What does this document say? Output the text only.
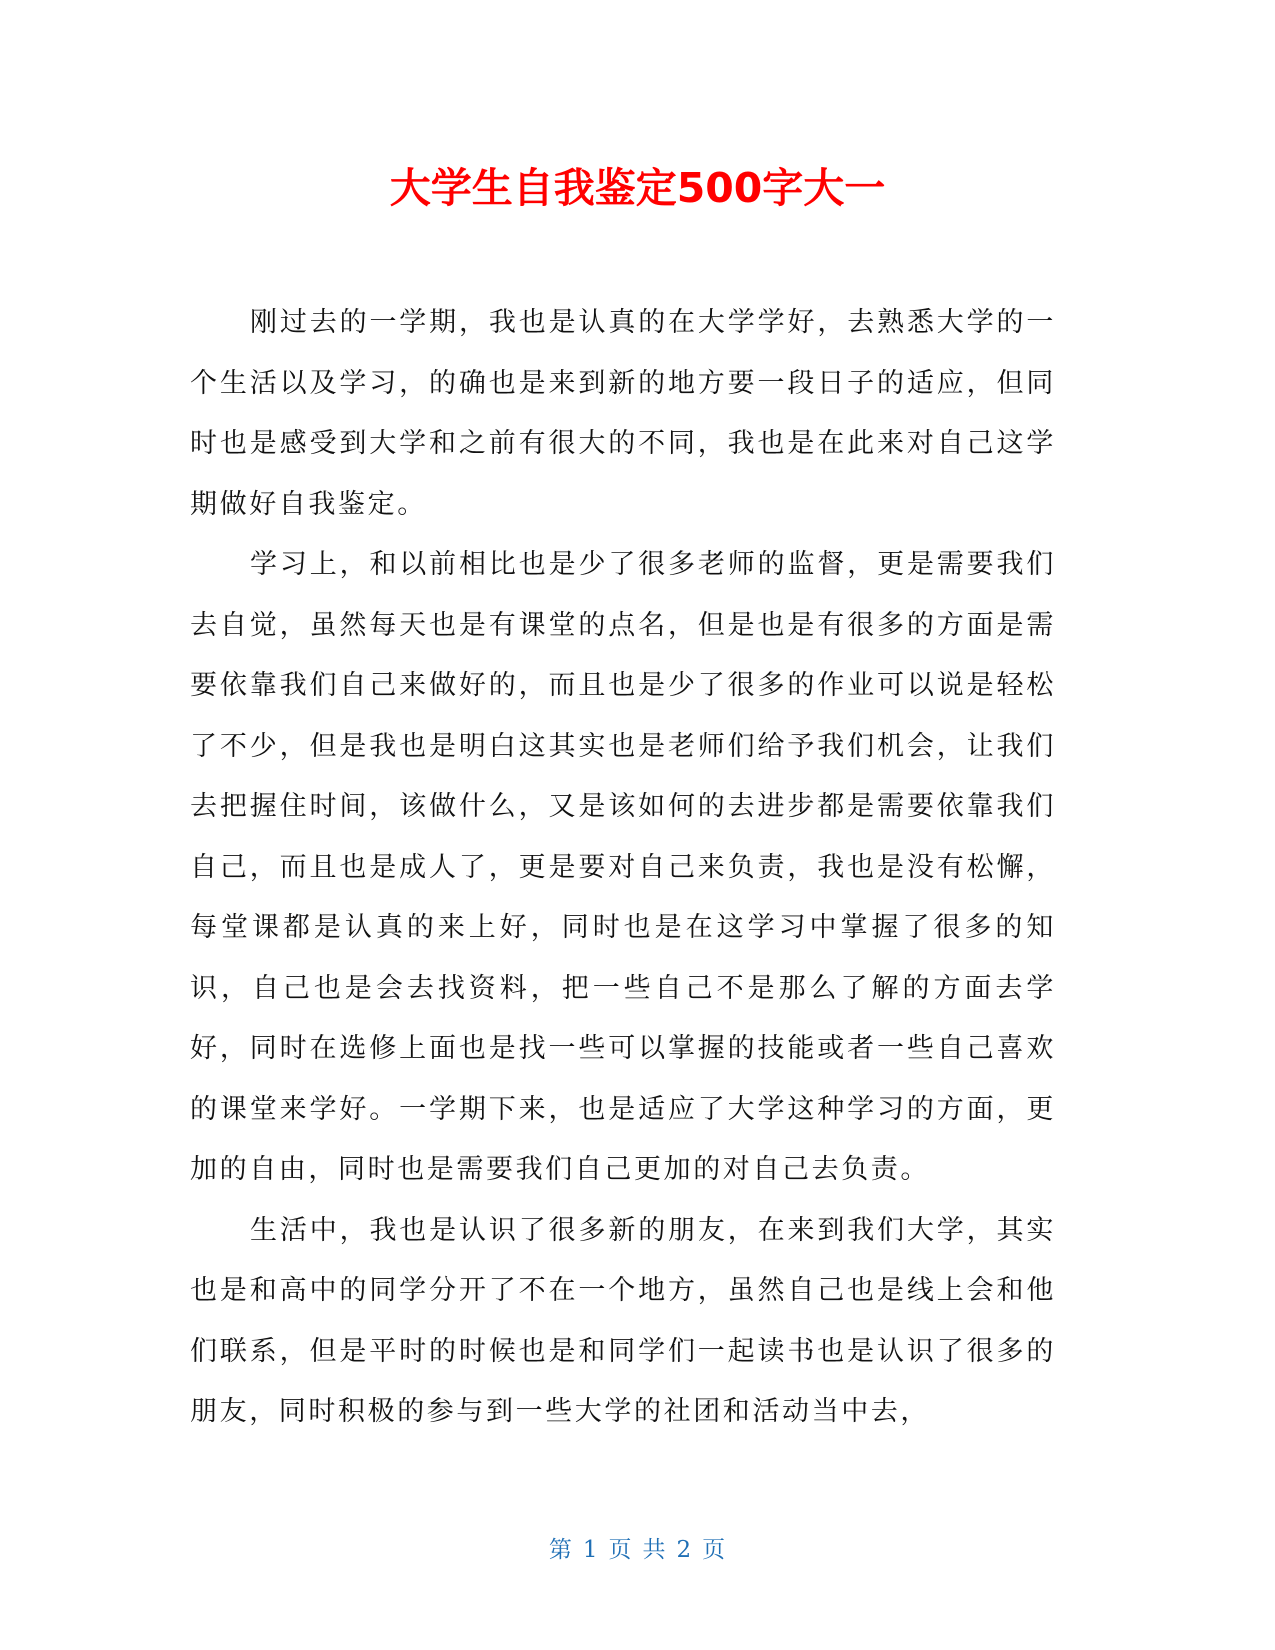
大学生自我鉴定500字大一

刚过去的一学期，我也是认真的在大学学好，去熟悉大学的一个生活以及学习，的确也是来到新的地方要一段日子的适应，但同时也是感受到大学和之前有很大的不同，我也是在此来对自己这学期做好自我鉴定。

学习上，和以前相比也是少了很多老师的监督，更是需要我们去自觉，虽然每天也是有课堂的点名，但是也是有很多的方面是需要依靠我们自己来做好的，而且也是少了很多的作业可以说是轻松了不少，但是我也是明白这其实也是老师们给予我们机会，让我们去把握住时间，该做什么，又是该如何的去进步都是需要依靠我们自己，而且也是成人了，更是要对自己来负责，我也是没有松懈，每堂课都是认真的来上好，同时也是在这学习中掌握了很多的知识，自己也是会去找资料，把一些自己不是那么了解的方面去学好，同时在选修上面也是找一些可以掌握的技能或者一些自己喜欢的课堂来学好。一学期下来，也是适应了大学这种学习的方面，更加的自由，同时也是需要我们自己更加的对自己去负责。

生活中，我也是认识了很多新的朋友，在来到我们大学，其实也是和高中的同学分开了不在一个地方，虽然自己也是线上会和他们联系，但是平时的时候也是和同学们一起读书也是认识了很多的朋友，同时积极的参与到一些大学的社团和活动当中去，

第 1 页 共 2 页
